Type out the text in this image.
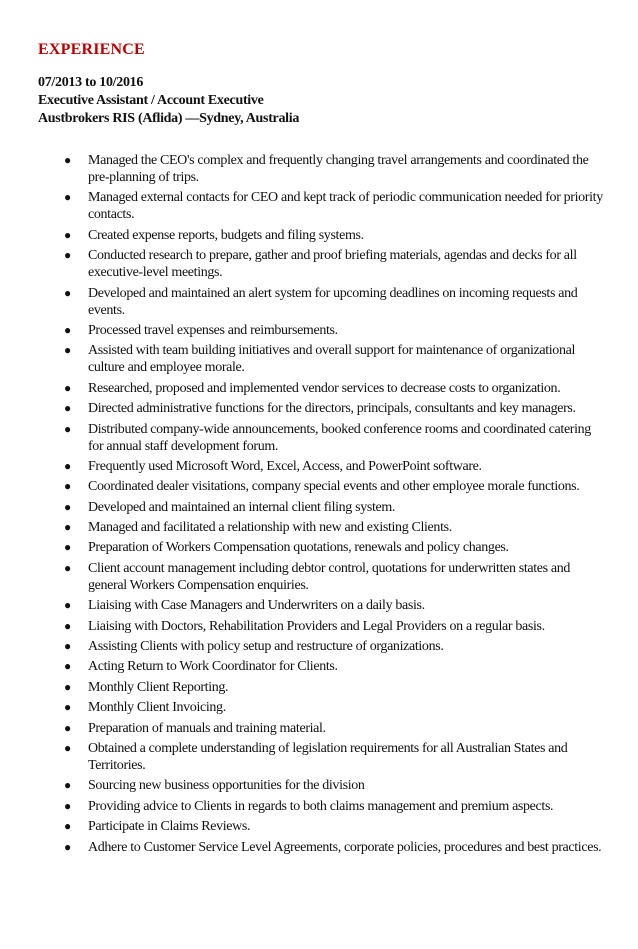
EXPERIENCE
07/2013 to 10/2016
Executive Assistant / Account Executive
Austbrokers RIS (Aflida) —Sydney, Australia
●
Managed the CEO's complex and frequently changing travel arrangements and coordinated the pre-planning of trips.
●
Managed external contacts for CEO and kept track of periodic communication needed for priority contacts.
●
Created expense reports, budgets and filing systems.
●
Conducted research to prepare, gather and proof briefing materials, agendas and decks for all executive-level meetings.
●
Developed and maintained an alert system for upcoming deadlines on incoming requests and events.
●
Processed travel expenses and reimbursements.
●
Assisted with team building initiatives and overall support for maintenance of organizational culture and employee morale.
●
Researched, proposed and implemented vendor services to decrease costs to organization.
●
Directed administrative functions for the directors, principals, consultants and key managers.
●
Distributed company-wide announcements, booked conference rooms and coordinated catering for annual staff development forum.
●
Frequently used Microsoft Word, Excel, Access, and PowerPoint software.
●
Coordinated dealer visitations, company special events and other employee morale functions.
●
Developed and maintained an internal client filing system.
●
Managed and facilitated a relationship with new and existing Clients.
●
Preparation of Workers Compensation quotations, renewals and policy changes.
●
Client account management including debtor control, quotations for underwritten states and general Workers Compensation enquiries.
●
Liaising with Case Managers and Underwriters on a daily basis.
●
Liaising with Doctors, Rehabilitation Providers and Legal Providers on a regular basis.
●
Assisting Clients with policy setup and restructure of organizations.
●
Acting Return to Work Coordinator for Clients.
●
Monthly Client Reporting.
●
Monthly Client Invoicing.
●
Preparation of manuals and training material.
●
Obtained a complete understanding of legislation requirements for all Australian States and Territories.
●
Sourcing new business opportunities for the division
●
Providing advice to Clients in regards to both claims management and premium aspects.
●
Participate in Claims Reviews.
●
Adhere to Customer Service Level Agreements, corporate policies, procedures and best practices.
